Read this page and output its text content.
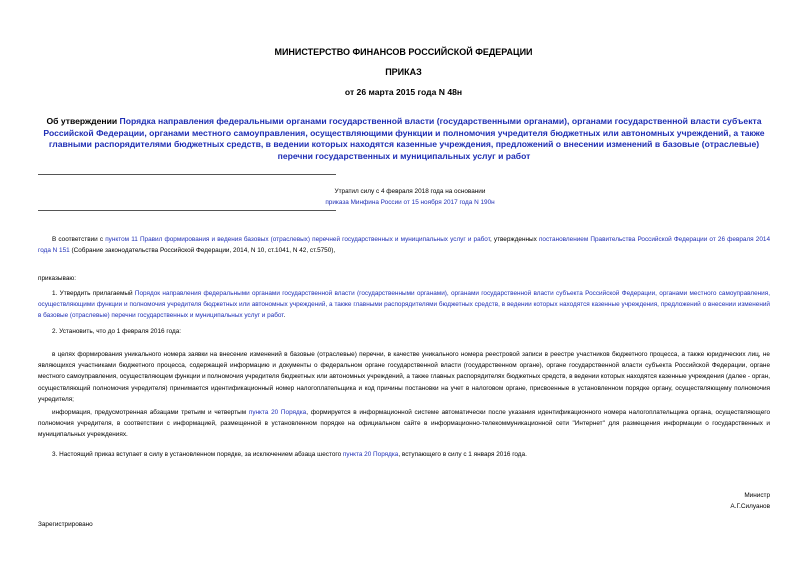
МИНИСТЕРСТВО ФИНАНСОВ РОССИЙСКОЙ ФЕДЕРАЦИИ
ПРИКАЗ
от 26 марта 2015 года N 48н
Об утверждении Порядка направления федеральными органами государственной власти (государственными органами), органами государственной власти субъекта Российской Федерации, органами местного самоуправления, осуществляющими функции и полномочия учредителя бюджетных или автономных учреждений, а также главными распорядителями бюджетных средств, в ведении которых находятся казенные учреждения, предложений о внесении изменений в базовые (отраслевые) перечни государственных и муниципальных услуг и работ
Утратил силу с 4 февраля 2018 года на основании
приказа Минфина России от 15 ноября 2017 года N 190н
В соответствии с пунктом 11 Правил формирования и ведения базовых (отраслевых) перечней государственных и муниципальных услуг и работ, утвержденных постановлением Правительства Российской Федерации от 26 февраля 2014 года N 151 (Собрание законодательства Российской Федерации, 2014, N 10, ст.1041, N 42, ст.5750),
приказываю:
1. Утвердить прилагаемый Порядок направления федеральными органами государственной власти (государственными органами), органами государственной власти субъекта Российской Федерации, органами местного самоуправления, осуществляющими функции и полномочия учредителя бюджетных или автономных учреждений, а также главными распорядителями бюджетных средств, в ведении которых находятся казенные учреждения, предложений о внесении изменений в базовые (отраслевые) перечни государственных и муниципальных услуг и работ.
2. Установить, что до 1 февраля 2016 года:
в целях формирования уникального номера заявки на внесение изменений в базовые (отраслевые) перечни, в качестве уникального номера реестровой записи в реестре участников бюджетного процесса, а также юридических лиц, не являющихся участниками бюджетного процесса, содержащей информацию и документы о федеральном органе государственной власти (государственном органе), органе государственной власти субъекта Российской Федерации, органе местного самоуправления, осуществляющем функции и полномочия учредителя бюджетных или автономных учреждений, а также главных распорядителях бюджетных средств, в ведении которых находятся казенные учреждения (далее - орган, осуществляющий полномочия учредителя) принимается идентификационный номер налогоплательщика и код причины постановки на учет в налоговом органе, присвоенные в установленном порядке органу, осуществляющему полномочия учредителя;
информация, предусмотренная абзацами третьим и четвертым пункта 20 Порядка, формируется в информационной системе автоматически после указания идентификационного номера налогоплательщика органа, осуществляющего полномочия учредителя, в соответствии с информацией, размещенной в установленном порядке на официальном сайте в информационно-телекоммуникационной сети "Интернет" для размещения информации о государственных и муниципальных учреждениях.
3. Настоящий приказ вступает в силу в установленном порядке, за исключением абзаца шестого пункта 20 Порядка, вступающего в силу с 1 января 2016 года.
Министр
А.Г.Силуанов
Зарегистрировано
